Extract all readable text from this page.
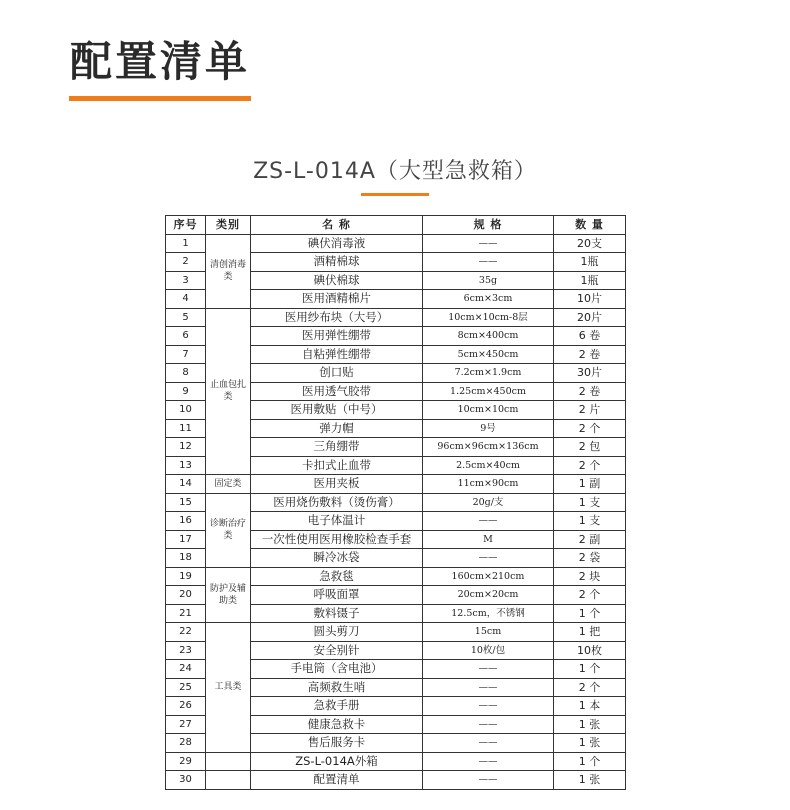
配置清单
ZS-L-014A（大型急救箱）
序号	类别	名 称	规 格	数 量
1	清创消毒类	碘伏消毒液	——	20支
2		酒精棉球	——	1瓶
3		碘伏棉球	35g	1瓶
4		医用酒精棉片	6cm×3cm	10片
5	止血包扎类	医用纱布块（大号）	10cm×10cm-8层	20片
6		医用弹性绷带	8cm×400cm	6 卷
7		自粘弹性绷带	5cm×450cm	2 卷
8		创口贴	7.2cm×1.9cm	30片
9		医用透气胶带	1.25cm×450cm	2 卷
10		医用敷贴（中号）	10cm×10cm	2 片
11		弹力帽	9号	2 个
12		三角绷带	96cm×96cm×136cm	2 包
13		卡扣式止血带	2.5cm×40cm	2 个
14	固定类	医用夹板	11cm×90cm	1 副
15	诊断治疗类	医用烧伤敷料（烫伤膏）	20g/支	1 支
16		电子体温计	——	1 支
17		一次性使用医用橡胶检查手套	M	2 副
18		瞬冷冰袋	——	2 袋
19	防护及辅助类	急救毯	160cm×210cm	2 块
20		呼吸面罩	20cm×20cm	2 个
21		敷料镊子	12.5cm，不锈钢	1 个
22	工具类	圆头剪刀	15cm	1 把
23		安全别针	10枚/包	10枚
24		手电筒（含电池）	——	1 个
25		高频救生哨	——	2 个
26		急救手册	——	1 本
27		健康急救卡	——	1 张
28		售后服务卡	——	1 张
29		ZS-L-014A外箱	——	1 个
30		配置清单	——	1 张
